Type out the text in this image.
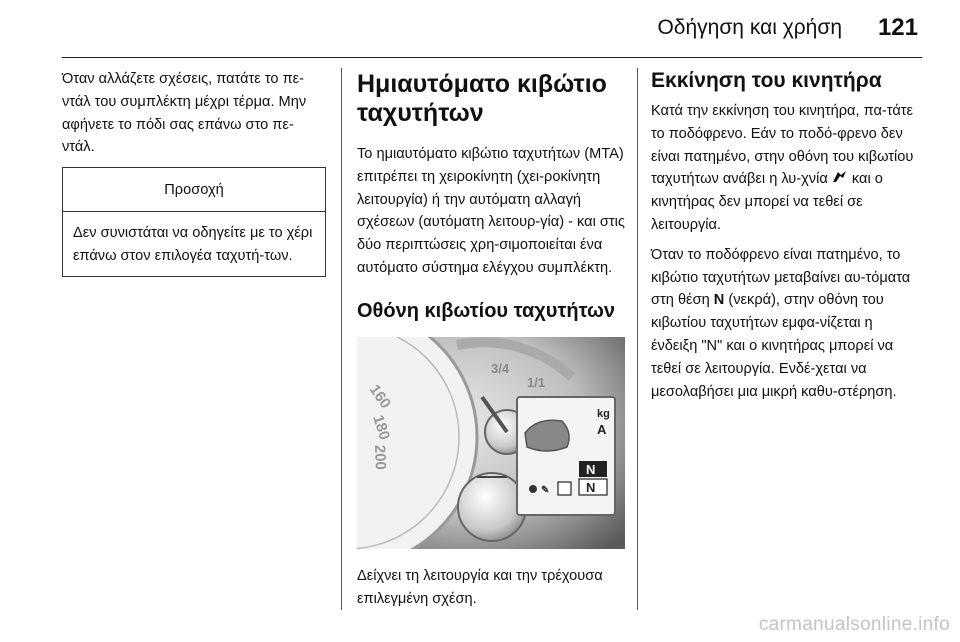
Οδήγηση και χρήση 121

Όταν αλλάζετε σχέσεις, πατάτε το πε-ντάλ του συμπλέκτη μέχρι τέρμα. Μην αφήνετε το πόδι σας επάνω στο πε-ντάλ.

Προσοχή
Δεν συνιστάται να οδηγείτε με το χέρι επάνω στον επιλογέα ταχυτή-των.
Ημιαυτόματο κιβώτιο ταχυτήτων

Το ημιαυτόματο κιβώτιο ταχυτήτων (MTA) επιτρέπει τη χειροκίνητη (χει-ροκίνητη λειτουργία) ή την αυτόματη αλλαγή σχέσεων (αυτόματη λειτουρ-γία) - και στις δύο περιπτώσεις χρη-σιμοποιείται ένα αυτόματο σύστημα ελέγχου συμπλέκτη.

Οθόνη κιβωτίου ταχυτήτων
160
180
200
3/4
1/1
kg
A
✎
N
N

Δείχνει τη λειτουργία και την τρέχουσα επιλεγμένη σχέση.

Εκκίνηση του κινητήρα

Κατά την εκκίνηση του κινητήρα, πα-τάτε το ποδόφρενο. Εάν το ποδό-φρενο δεν είναι πατημένο, στην οθόνη του κιβωτίου ταχυτήτων ανάβει η λυ-χνία και ο κινητήρας δεν μπορεί να τεθεί σε λειτουργία.

Όταν το ποδόφρενο είναι πατημένο, το κιβώτιο ταχυτήτων μεταβαίνει αυ-τόματα στη θέση N (νεκρά), στην οθόνη του κιβωτίου ταχυτήτων εμφα-νίζεται η ένδειξη "N" και ο κινητήρας μπορεί να τεθεί σε λειτουργία. Ενδέ-χεται να μεσολαβήσει μια μικρή καθυ-στέρηση.

carmanualsonline.info
